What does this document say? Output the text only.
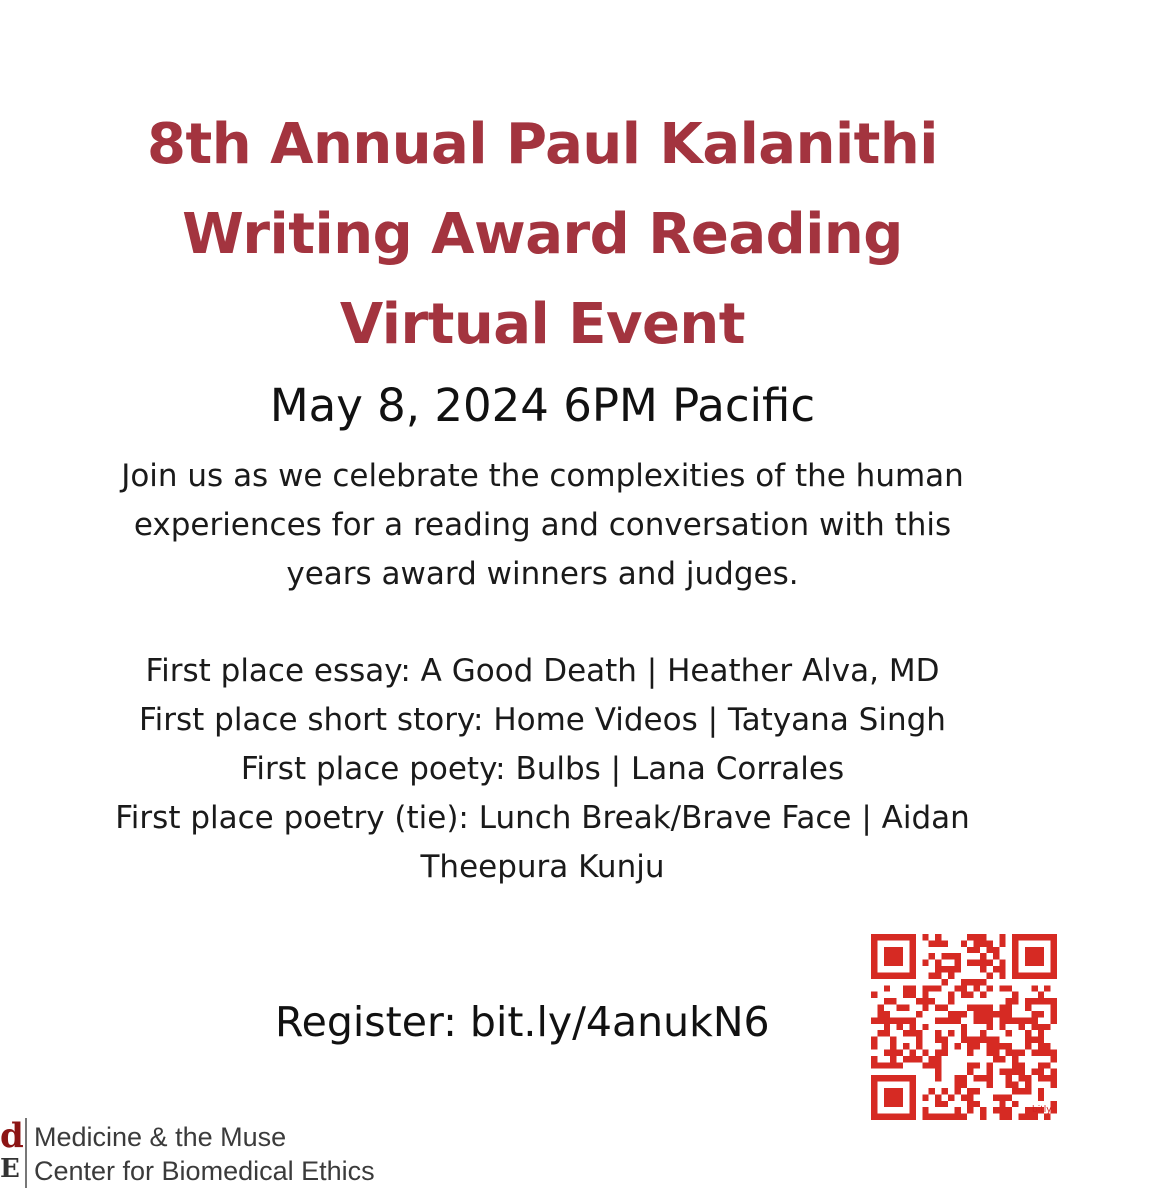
8th Annual Paul Kalanithi
Writing Award Reading
Virtual Event
May 8, 2024 6PM Pacific
Join us as we celebrate the complexities of the human
experiences for a reading and conversation with this
years award winners and judges.
First place essay: A Good Death | Heather Alva, MD
First place short story: Home Videos | Tatyana Singh
First place poety: Bulbs | Lana Corrales
First place poetry (tie): Lunch Break/Brave Face | Aidan
Theepura Kunju
Register: bit.ly/4anukN6
bitly
d
E
Medicine & the Muse
Center for Biomedical Ethics
